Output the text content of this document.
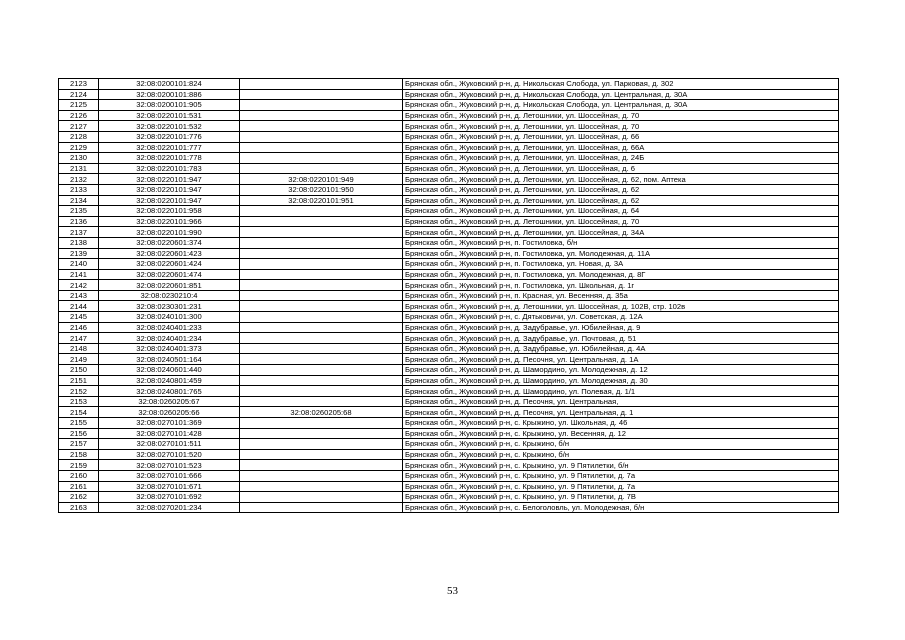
2123	32:08:0200101:824		Брянская обл., Жуковский р-н, д. Никольская Слобода, ул. Парковая, д. 302
2124	32:08:0200101:886		Брянская обл., Жуковский р-н, д. Никольская Слобода, ул. Центральная, д. 30А
2125	32:08:0200101:905		Брянская обл., Жуковский р-н, д. Никольская Слобода, ул. Центральная, д. 30А
2126	32:08:0220101:531		Брянская обл., Жуковский р-н, д. Летошники, ул. Шоссейная, д. 70
2127	32:08:0220101:532		Брянская обл., Жуковский р-н, д. Летошники, ул. Шоссейная, д. 70
2128	32:08:0220101:776		Брянская обл., Жуковский р-н, д. Летошники, ул. Шоссейная, д. 66
2129	32:08:0220101:777		Брянская обл., Жуковский р-н, д. Летошники, ул. Шоссейная, д. 66А
2130	32:08:0220101:778		Брянская обл., Жуковский р-н, д. Летошники, ул. Шоссейная, д. 24Б
2131	32:08:0220101:783		Брянская обл., Жуковский р-н, д. Летошники, ул. Шоссейная, д. 6
2132	32:08:0220101:947	32:08:0220101:949	Брянская обл., Жуковский р-н, д. Летошники, ул. Шоссейная, д. 62, пом. Аптека
2133	32:08:0220101:947	32:08:0220101:950	Брянская обл., Жуковский р-н, д. Летошники, ул. Шоссейная, д. 62
2134	32:08:0220101:947	32:08:0220101:951	Брянская обл., Жуковский р-н, д. Летошники, ул. Шоссейная, д. 62
2135	32:08:0220101:958		Брянская обл., Жуковский р-н, д. Летошники, ул. Шоссейная, д. 64
2136	32:08:0220101:966		Брянская обл., Жуковский р-н, д. Летошники, ул. Шоссейная, д. 70
2137	32:08:0220101:990		Брянская обл., Жуковский р-н, д. Летошники, ул. Шоссейная, д. 34А
2138	32:08:0220601:374		Брянская обл., Жуковский р-н, п. Гостиловка, б/н
2139	32:08:0220601:423		Брянская обл., Жуковский р-н, п. Гостиловка, ул. Молодежная, д. 11А
2140	32:08:0220601:424		Брянская обл., Жуковский р-н, п. Гостиловка, ул. Новая, д. 3А
2141	32:08:0220601:474		Брянская обл., Жуковский р-н, п. Гостиловка, ул. Молодежная, д. 8Г
2142	32:08:0220601:851		Брянская обл., Жуковский р-н, п. Гостиловка, ул. Школьная, д. 1г
2143	32:08:0230210:4		Брянская обл., Жуковский р-н, п. Красная, ул. Весенняя, д. 35а
2144	32:08:0230301:231		Брянская обл., Жуковский р-н, д. Летошники, ул. Шоссейная, д. 102В, стр. 102в
2145	32:08:0240101:300		Брянская обл., Жуковский р-н, с. Дятьковичи, ул. Советская, д. 12А
2146	32:08:0240401:233		Брянская обл., Жуковский р-н, д. Задубравье, ул. Юбилейная, д. 9
2147	32:08:0240401:234		Брянская обл., Жуковский р-н, д. Задубравье, ул. Почтовая, д. 51
2148	32:08:0240401:373		Брянская обл., Жуковский р-н, д. Задубравье, ул. Юбилейная, д. 4А
2149	32:08:0240501:164		Брянская обл., Жуковский р-н, д. Песочня, ул. Центральная, д. 1А
2150	32:08:0240601:440		Брянская обл., Жуковский р-н, д. Шамордино, ул. Молодежная, д. 12
2151	32:08:0240801:459		Брянская обл., Жуковский р-н, д. Шамордино, ул. Молодежная, д. 30
2152	32:08:0240801:765		Брянская обл., Жуковский р-н, д. Шамордино, ул. Полевая, д. 1/1
2153	32:08:0260205:67		Брянская обл., Жуковский р-н, д. Песочня, ул. Центральная,
2154	32:08:0260205:66	32:08:0260205:68	Брянская обл., Жуковский р-н, д. Песочня, ул. Центральная, д. 1
2155	32:08:0270101:369		Брянская обл., Жуковский р-н, с. Крыжино, ул. Школьная, д. 46
2156	32:08:0270101:428		Брянская обл., Жуковский р-н, с. Крыжино, ул. Весенняя, д. 12
2157	32:08:0270101:511		Брянская обл., Жуковский р-н, с. Крыжино, б/н
2158	32:08:0270101:520		Брянская обл., Жуковский р-н, с. Крыжино, б/н
2159	32:08:0270101:523		Брянская обл., Жуковский р-н, с. Крыжино, ул. 9 Пятилетки, б/н
2160	32:08:0270101:666		Брянская обл., Жуковский р-н, с. Крыжино, ул. 9 Пятилетки, д. 7а
2161	32:08:0270101:671		Брянская обл., Жуковский р-н, с. Крыжино, ул. 9 Пятилетки, д. 7а
2162	32:08:0270101:692		Брянская обл., Жуковский р-н, с. Крыжино, ул. 9 Пятилетки, д. 7В
2163	32:08:0270201:234		Брянская обл., Жуковский р-н, с. Белоголовль, ул. Молодежная, б/н
53
